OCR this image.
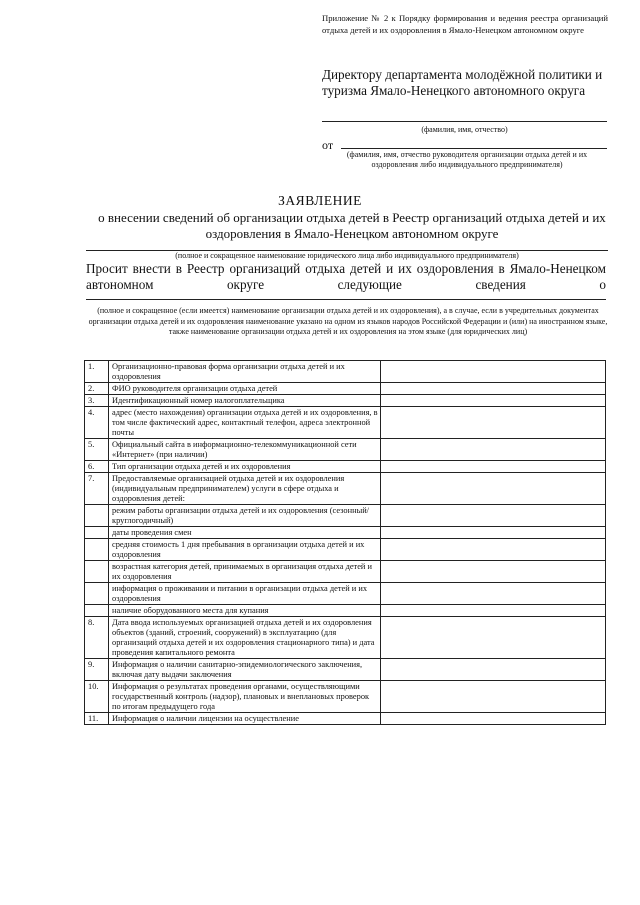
Приложение № 2 к Порядку формирования и ведения реестра организаций отдыха детей и их оздоровления в Ямало-Ненецком автономном округе
Директору департамента молодёжной политики и туризма Ямало-Ненецкого автономного округа
(фамилия, имя, отчество)
от
(фамилия, имя, отчество руководителя организации отдыха детей и их оздоровления либо индивидуального предпринимателя)
ЗАЯВЛЕНИЕ
о внесении сведений об организации отдыха детей в Реестр организаций отдыха детей и их оздоровления в Ямало-Ненецком автономном округе
(полное и сокращенное наименование юридического лица либо индивидуального предпринимателя)
Просит внести в Реестр организаций отдыха детей и их оздоровления в Ямало-Ненецком автономном округе следующие сведения о
(полное и сокращенное (если имеется) наименование организации отдыха детей и их оздоровления), а в случае, если в учредительных документах организации отдыха детей и их оздоровления наименование указано на одном из языков народов Российской Федерации и (или) на иностранном языке, также наименование организации отдыха детей и их оздоровления на этом языке (для юридических лиц)
1.	Организационно-правовая форма организации отдыха детей и их оздоровления	
2.	ФИО руководителя организации отдыха детей	
3.	Идентификационный номер налогоплательщика	
4.	адрес (место нахождения) организации отдыха детей и их оздоровления, в том числе фактический адрес, контактный телефон, адреса электронной почты	
5.	Официальный сайта в информационно-телекоммуникационной сети «Интернет» (при наличии)	
6.	Тип организации отдыха детей и их оздоровления	
7.	Предоставляемые организацией отдыха детей и их оздоровления (индивидуальным предпринимателем) услуги в сфере отдыха и оздоровления детей:	
	режим работы организации отдыха детей и их оздоровления (сезонный/круглогодичный)	
	даты проведения смен	
	средняя стоимость 1 дня пребывания в организации отдыха детей и их оздоровления	
	возрастная категория детей, принимаемых в организация отдыха детей и их оздоровления	
	информация о проживании и питании в организации отдыха детей и их оздоровления	
	наличие оборудованного места для купания	
8.	Дата ввода используемых организацией отдыха детей и их оздоровления объектов (зданий, строений, сооружений) в эксплуатацию (для организаций отдыха детей и их оздоровления стационарного типа) и дата проведения капитального ремонта	
9.	Информация о наличии санитарно-эпидемиологического заключения, включая дату выдачи заключения	
10.	Информация о результатах проведения органами, осуществляющими государственный контроль (надзор), плановых и внеплановых проверок по итогам предыдущего года	
11.	Информация о наличии лицензии на осуществление	
